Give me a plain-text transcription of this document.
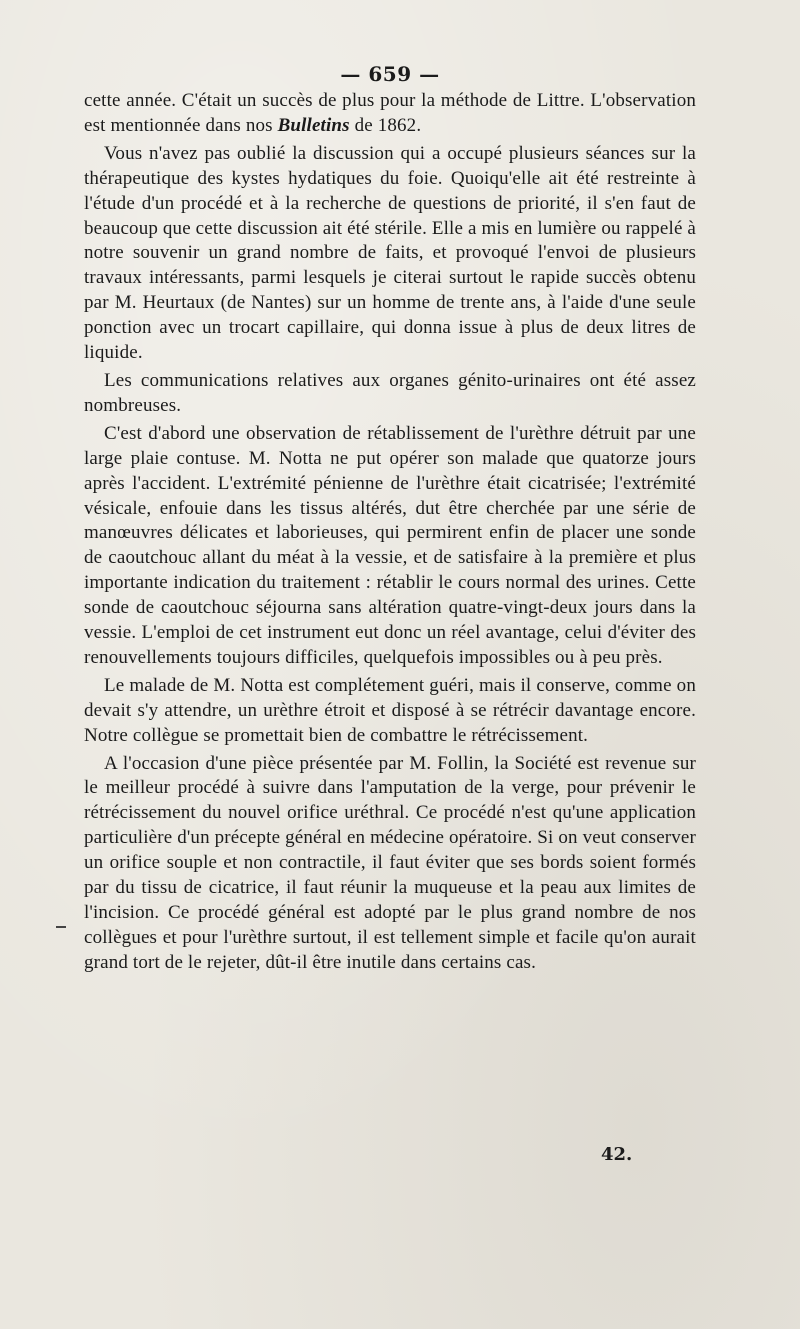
— 659 —

cette année. C'était un succès de plus pour la méthode de Littre. L'observation est mentionnée dans nos Bulletins de 1862.

Vous n'avez pas oublié la discussion qui a occupé plusieurs séances sur la thérapeutique des kystes hydatiques du foie. Quoiqu'elle ait été restreinte à l'étude d'un procédé et à la recherche de questions de priorité, il s'en faut de beaucoup que cette discussion ait été stérile. Elle a mis en lumière ou rappelé à notre souvenir un grand nombre de faits, et provoqué l'envoi de plusieurs travaux intéressants, parmi lesquels je citerai surtout le rapide succès obtenu par M. Heurtaux (de Nantes) sur un homme de trente ans, à l'aide d'une seule ponction avec un trocart capillaire, qui donna issue à plus de deux litres de liquide.

Les communications relatives aux organes génito-urinaires ont été assez nombreuses.

C'est d'abord une observation de rétablissement de l'urèthre détruit par une large plaie contuse. M. Notta ne put opérer son malade que quatorze jours après l'accident. L'extrémité pénienne de l'urèthre était cicatrisée; l'extrémité vésicale, enfouie dans les tissus altérés, dut être cherchée par une série de manœuvres délicates et laborieuses, qui permirent enfin de placer une sonde de caoutchouc allant du méat à la vessie, et de satisfaire à la première et plus importante indication du traitement : rétablir le cours normal des urines. Cette sonde de caoutchouc séjourna sans altération quatre-vingt-deux jours dans la vessie. L'emploi de cet instrument eut donc un réel avantage, celui d'éviter des renouvellements toujours difficiles, quelquefois impossibles ou à peu près.

Le malade de M. Notta est complétement guéri, mais il conserve, comme on devait s'y attendre, un urèthre étroit et disposé à se rétrécir davantage encore. Notre collègue se promettait bien de combattre le rétrécissement.

A l'occasion d'une pièce présentée par M. Follin, la Société est revenue sur le meilleur procédé à suivre dans l'amputation de la verge, pour prévenir le rétrécissement du nouvel orifice uréthral. Ce procédé n'est qu'une application particulière d'un précepte général en médecine opératoire. Si on veut conserver un orifice souple et non contractile, il faut éviter que ses bords soient formés par du tissu de cicatrice, il faut réunir la muqueuse et la peau aux limites de l'incision. Ce procédé général est adopté par le plus grand nombre de nos collègues et pour l'urèthre surtout, il est tellement simple et facile qu'on aurait grand tort de le rejeter, dût-il être inutile dans certains cas.

42.
